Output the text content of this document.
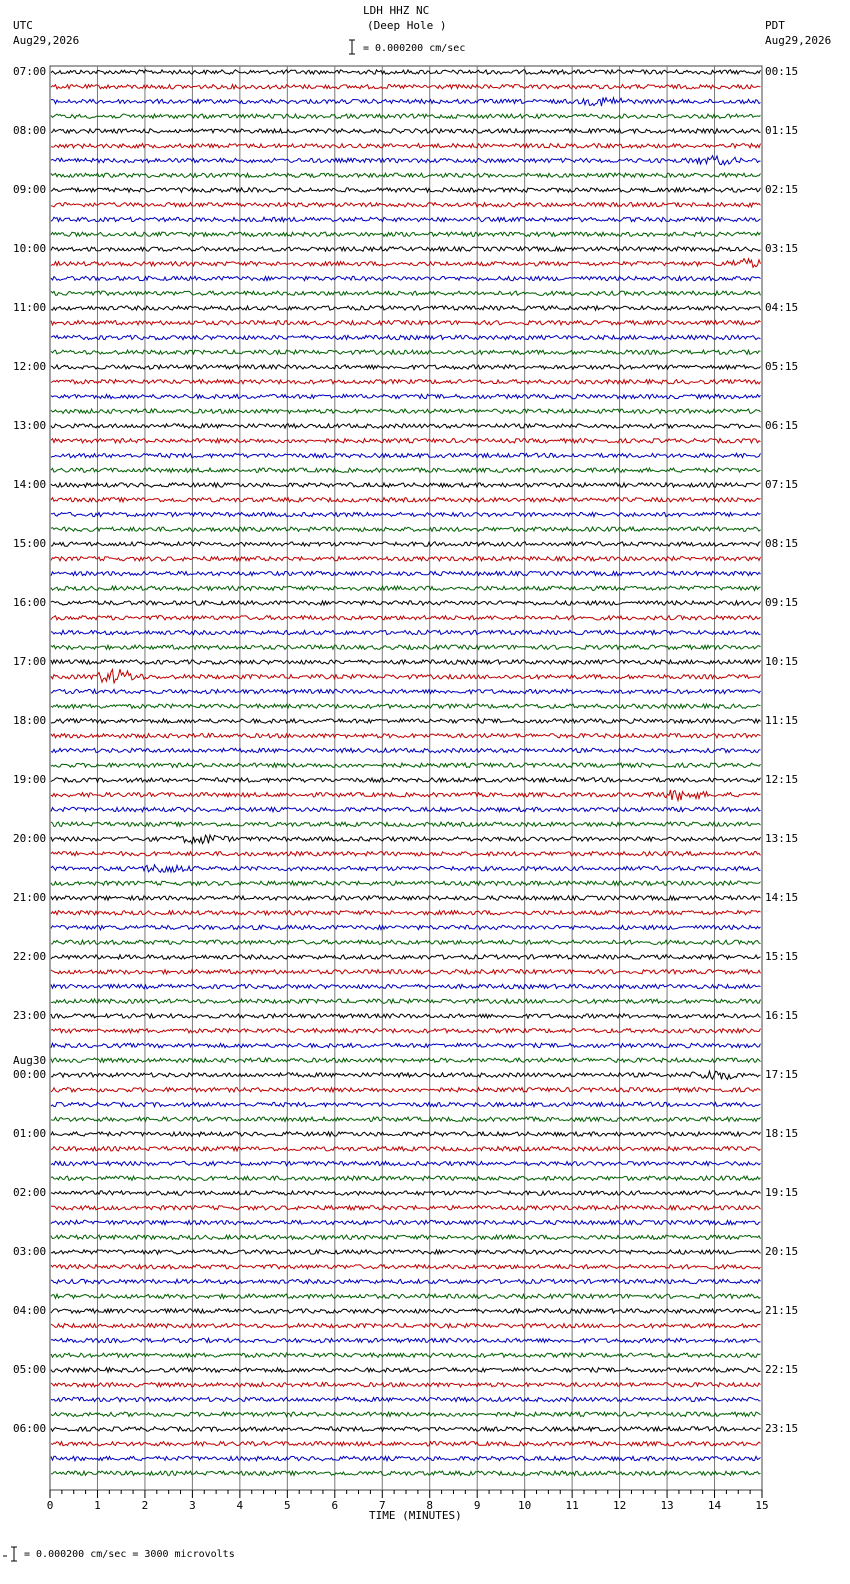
0	1	2	3	4	5	6	7	8	9	10	11	12	13	14	15
LDH HHZ NC
(Deep Hole )
UTC
Aug29,2026
PDT
Aug29,2026
= 0.000200 cm/sec
TIME (MINUTES)
= 0.000200 cm/sec = 3000 microvolts
07:00
08:00
09:00
10:00
11:00
12:00
13:00
14:00
15:00
16:00
17:00
18:00
19:00
20:00
21:00
22:00
23:00
00:00
Aug30
01:00
02:00
03:00
04:00
05:00
06:00
00:15
01:15
02:15
03:15
04:15
05:15
06:15
07:15
08:15
09:15
10:15
11:15
12:15
13:15
14:15
15:15
16:15
17:15
18:15
19:15
20:15
21:15
22:15
23:15
